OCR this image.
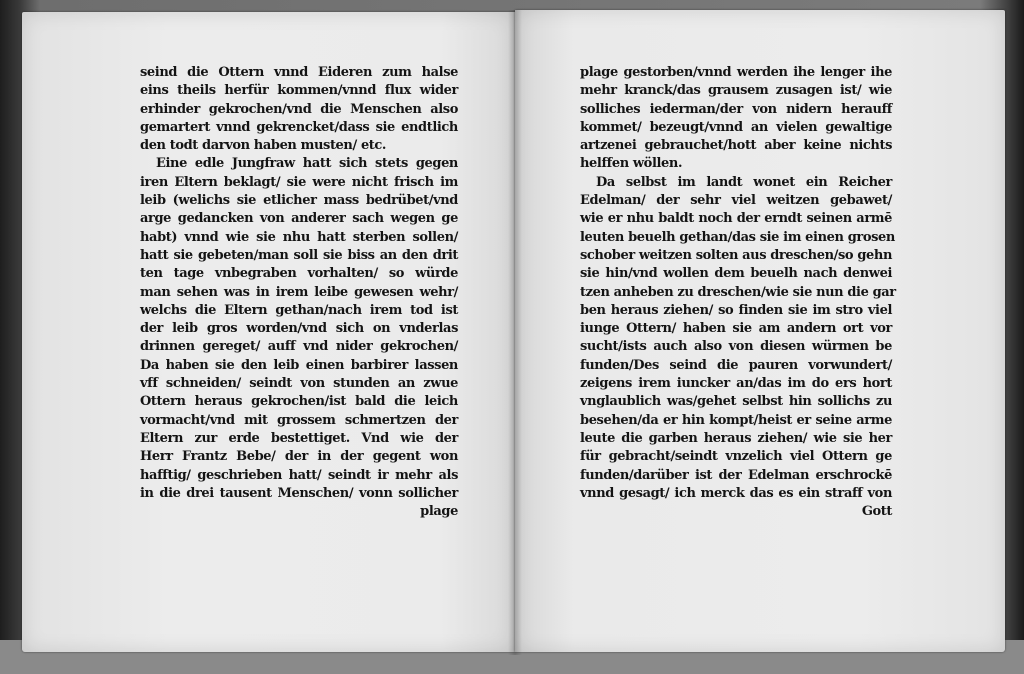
seind die Ottern vnnd Eideren zum halse
eins theils herfür kommen/vnnd flux wider
erhinder gekrochen/vnd die Menschen also
gemartert vnnd gekrencket/dass sie endtlich
den todt darvon haben musten/ etc.
Eine edle Jungfraw hatt sich stets gegen
iren Eltern beklagt/ sie were nicht frisch im
leib (welichs sie etlicher mass bedrübet/vnd
arge gedancken von anderer sach wegen ge
habt) vnnd wie sie nhu hatt sterben sollen/
hatt sie gebeten/man soll sie biss an den drit
ten tage vnbegraben vorhalten/ so würde
man sehen was in irem leibe gewesen wehr/
welchs die Eltern gethan/nach irem tod ist
der leib gros worden/vnd sich on vnderlas
drinnen gereget/ auff vnd nider gekrochen/
Da haben sie den leib einen barbirer lassen
vff schneiden/ seindt von stunden an zwue
Ottern heraus gekrochen/ist bald die leich
vormacht/vnd mit grossem schmertzen der
Eltern zur erde bestettiget. Vnd wie der
Herr Frantz Bebe/ der in der gegent won
hafftig/ geschrieben hatt/ seindt ir mehr als
in die drei tausent Menschen/ vonn sollicher
plage
plage gestorben/vnnd werden ihe lenger ihe
mehr kranck/das grausem zusagen ist/ wie
solliches iederman/der von nidern herauff
kommet/ bezeugt/vnnd an vielen gewaltige
artzenei gebrauchet/hott aber keine nichts
helffen wöllen.
Da selbst im landt wonet ein Reicher
Edelman/ der sehr viel weitzen gebawet/
wie er nhu baldt noch der erndt seinen armē
leuten beuelh gethan/das sie im einen grosen
schober weitzen solten aus dreschen/so gehn
sie hin/vnd wollen dem beuelh nach denwei
tzen anheben zu dreschen/wie sie nun die gar
ben heraus ziehen/ so finden sie im stro viel
iunge Ottern/ haben sie am andern ort vor
sucht/ists auch also von diesen würmen be
funden/Des seind die pauren vorwundert/
zeigens irem iuncker an/das im do ers hort
vnglaublich was/gehet selbst hin sollichs zu
besehen/da er hin kompt/heist er seine arme
leute die garben heraus ziehen/ wie sie her
für gebracht/seindt vnzelich viel Ottern ge
funden/darüber ist der Edelman erschrockē
vnnd gesagt/ ich merck das es ein straff von
Gott
